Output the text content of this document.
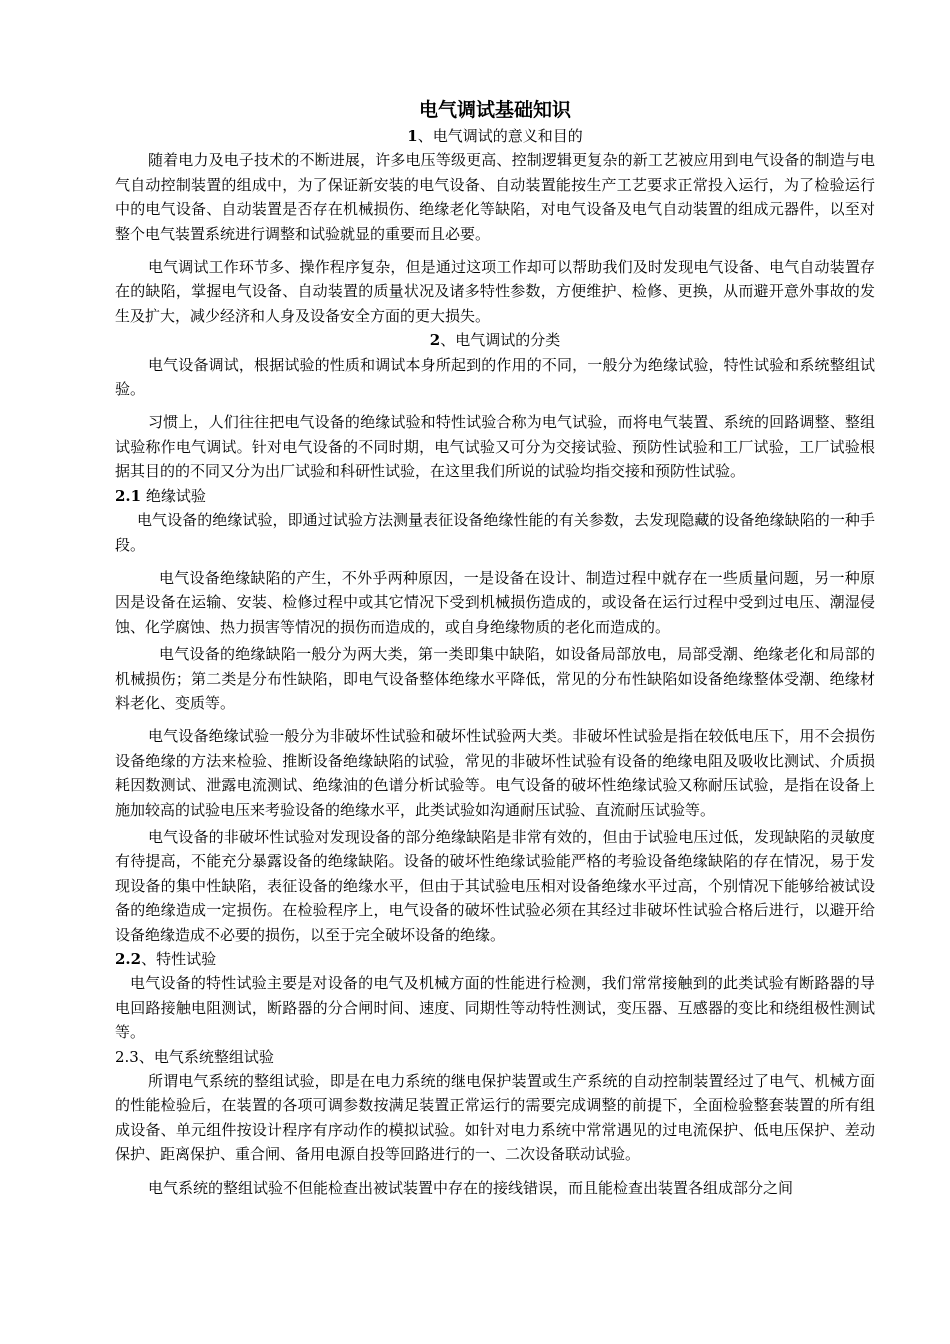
电气调试基础知识

1、电气调试的意义和目的

随着电力及电子技术的不断进展，许多电压等级更高、控制逻辑更复杂的新工艺被应用到电气设备的制造与电气自动控制装置的组成中，为了保证新安装的电气设备、自动装置能按生产工艺要求正常投入运行，为了检验运行中的电气设备、自动装置是否存在机械损伤、绝缘老化等缺陷，对电气设备及电气自动装置的组成元器件，以至对整个电气装置系统进行调整和试验就显的重要而且必要。

电气调试工作环节多、操作程序复杂，但是通过这项工作却可以帮助我们及时发现电气设备、电气自动装置存在的缺陷，掌握电气设备、自动装置的质量状况及诸多特性参数，方便维护、检修、更换，从而避开意外事故的发生及扩大，减少经济和人身及设备安全方面的更大损失。

2、电气调试的分类

电气设备调试，根据试验的性质和调试本身所起到的作用的不同，一般分为绝缘试验，特性试验和系统整组试验。

习惯上，人们往往把电气设备的绝缘试验和特性试验合称为电气试验，而将电气装置、系统的回路调整、整组试验称作电气调试。针对电气设备的不同时期，电气试验又可分为交接试验、预防性试验和工厂试验，工厂试验根据其目的的不同又分为出厂试验和科研性试验，在这里我们所说的试验均指交接和预防性试验。

2.1 绝缘试验

电气设备的绝缘试验，即通过试验方法测量表征设备绝缘性能的有关参数，去发现隐藏的设备绝缘缺陷的一种手段。

电气设备绝缘缺陷的产生，不外乎两种原因，一是设备在设计、制造过程中就存在一些质量问题，另一种原因是设备在运输、安装、检修过程中或其它情况下受到机械损伤造成的，或设备在运行过程中受到过电压、潮湿侵蚀、化学腐蚀、热力损害等情况的损伤而造成的，或自身绝缘物质的老化而造成的。

电气设备的绝缘缺陷一般分为两大类，第一类即集中缺陷，如设备局部放电，局部受潮、绝缘老化和局部的机械损伤；第二类是分布性缺陷，即电气设备整体绝缘水平降低，常见的分布性缺陷如设备绝缘整体受潮、绝缘材料老化、变质等。

电气设备绝缘试验一般分为非破坏性试验和破坏性试验两大类。非破坏性试验是指在较低电压下，用不会损伤设备绝缘的方法来检验、推断设备绝缘缺陷的试验，常见的非破坏性试验有设备的绝缘电阻及吸收比测试、介质损耗因数测试、泄露电流测试、绝缘油的色谱分析试验等。电气设备的破坏性绝缘试验又称耐压试验，是指在设备上施加较高的试验电压来考验设备的绝缘水平，此类试验如沟通耐压试验、直流耐压试验等。

电气设备的非破坏性试验对发现设备的部分绝缘缺陷是非常有效的，但由于试验电压过低，发现缺陷的灵敏度有待提高，不能充分暴露设备的绝缘缺陷。设备的破坏性绝缘试验能严格的考验设备绝缘缺陷的存在情况，易于发现设备的集中性缺陷，表征设备的绝缘水平，但由于其试验电压相对设备绝缘水平过高，个别情况下能够给被试设备的绝缘造成一定损伤。在检验程序上，电气设备的破坏性试验必须在其经过非破坏性试验合格后进行，以避开给设备绝缘造成不必要的损伤，以至于完全破坏设备的绝缘。

2.2、特性试验

电气设备的特性试验主要是对设备的电气及机械方面的性能进行检测，我们常常接触到的此类试验有断路器的导电回路接触电阻测试，断路器的分合闸时间、速度、同期性等动特性测试，变压器、互感器的变比和绕组极性测试等。

2.3、电气系统整组试验

所谓电气系统的整组试验，即是在电力系统的继电保护装置或生产系统的自动控制装置经过了电气、机械方面的性能检验后，在装置的各项可调参数按满足装置正常运行的需要完成调整的前提下，全面检验整套装置的所有组成设备、单元组件按设计程序有序动作的模拟试验。如针对电力系统中常常遇见的过电流保护、低电压保护、差动保护、距离保护、重合闸、备用电源自投等回路进行的一、二次设备联动试验。

电气系统的整组试验不但能检查出被试装置中存在的接线错误，而且能检查出装置各组成部分之间
